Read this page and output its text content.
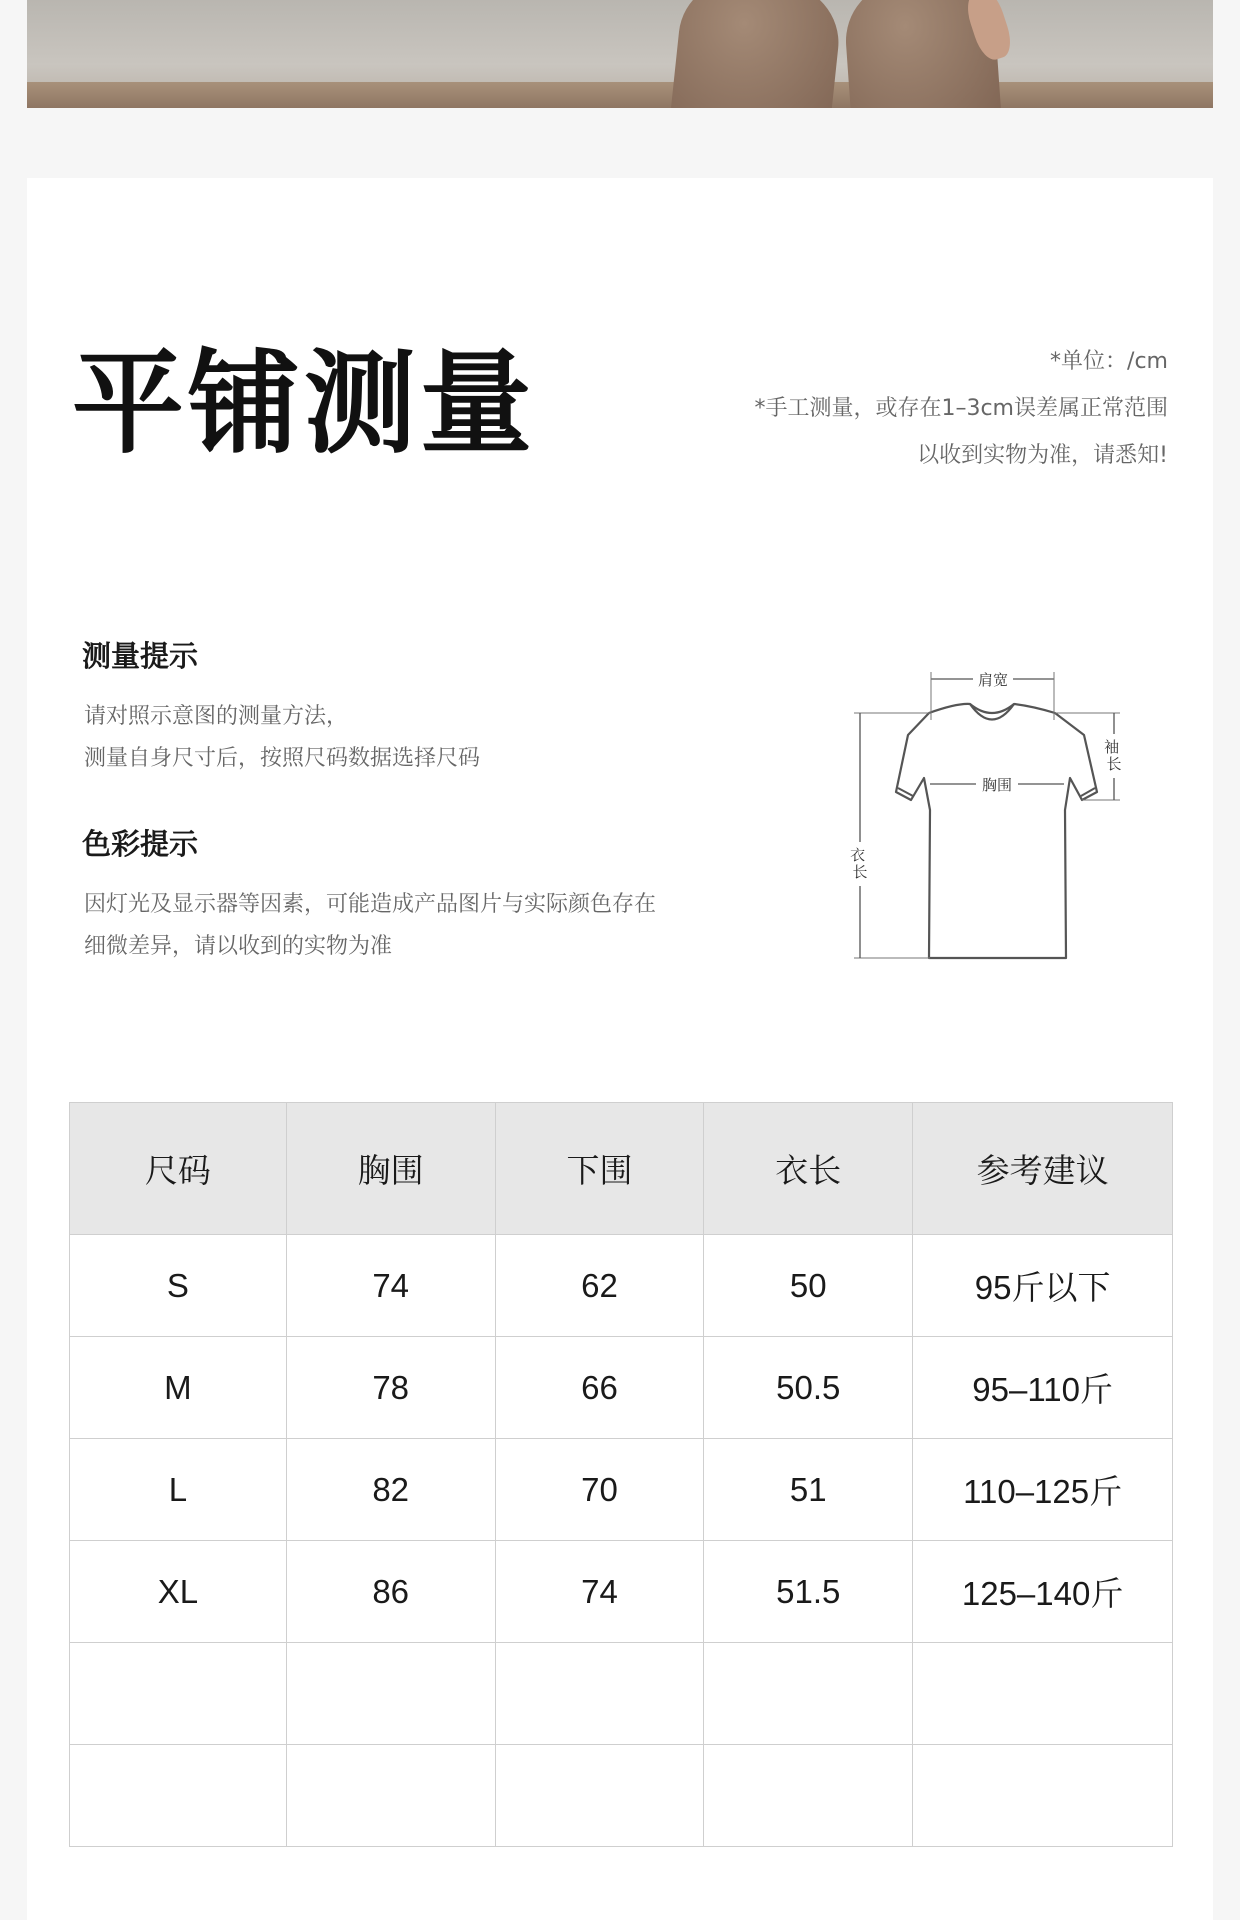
平铺测量	*单位：/cm
*手工测量，或存在1–3cm误差属正常范围
以收到实物为准，请悉知!
测量提示
请对照示意图的测量方法，
测量自身尺寸后，按照尺码数据选择尺码
色彩提示
因灯光及显示器等因素，可能造成产品图片与实际颜色存在
细微差异，请以收到的实物为准
肩宽
胸围
袖 长
衣 长
尺码	胸围	下围	衣长	参考建议
S	74	62	50	95斤以下
M	78	66	50.5	95–110斤
L	82	70	51	110–125斤
XL	86	74	51.5	125–140斤
